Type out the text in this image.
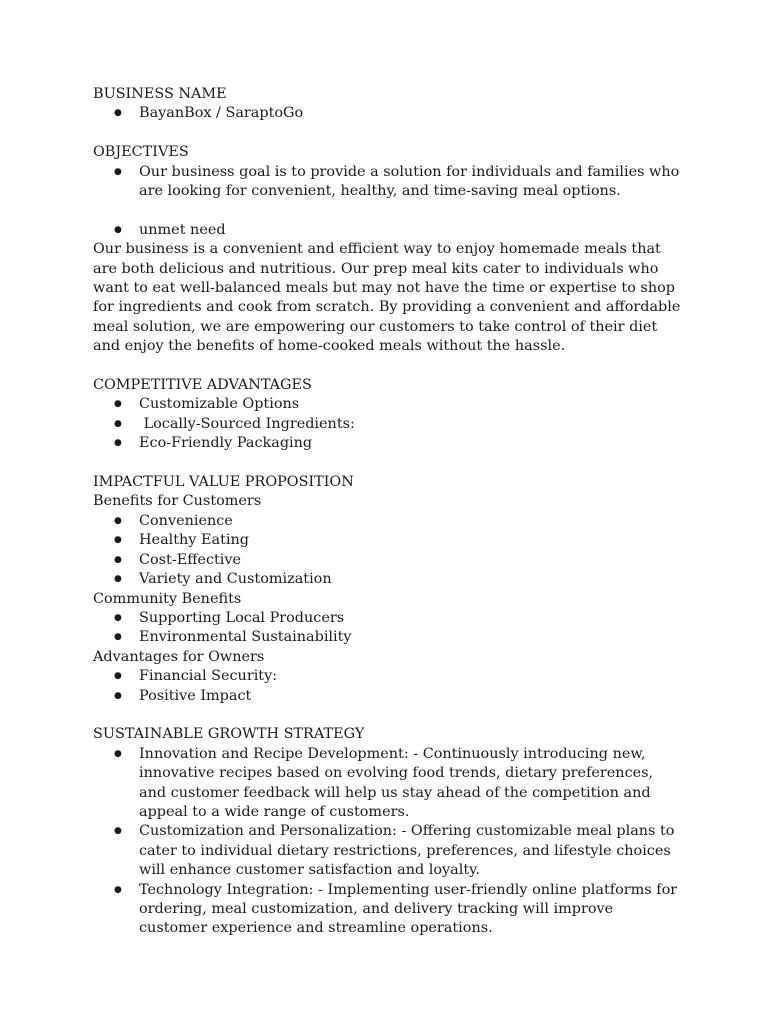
BUSINESS NAME

● BayanBox / SaraptoGo

OBJECTIVES

● Our business goal is to provide a solution for individuals and families who are looking for convenient, healthy, and time-saving meal options.
● unmet need

Our business is a convenient and efficient way to enjoy homemade meals that are both delicious and nutritious. Our prep meal kits cater to individuals who want to eat well-balanced meals but may not have the time or expertise to shop for ingredients and cook from scratch. By providing a convenient and affordable meal solution, we are empowering our customers to take control of their diet and enjoy the benefits of home-cooked meals without the hassle.

COMPETITIVE ADVANTAGES

● Customizable Options
●  Locally-Sourced Ingredients:
● Eco-Friendly Packaging

IMPACTFUL VALUE PROPOSITION

Benefits for Customers

● Convenience
● Healthy Eating
● Cost-Effective
● Variety and Customization

Community Benefits

● Supporting Local Producers
● Environmental Sustainability

Advantages for Owners

● Financial Security:
● Positive Impact

SUSTAINABLE GROWTH STRATEGY

● Innovation and Recipe Development: - Continuously introducing new, innovative recipes based on evolving food trends, dietary preferences, and customer feedback will help us stay ahead of the competition and appeal to a wide range of customers.
● Customization and Personalization: - Offering customizable meal plans to cater to individual dietary restrictions, preferences, and lifestyle choices will enhance customer satisfaction and loyalty.
● Technology Integration: - Implementing user-friendly online platforms for ordering, meal customization, and delivery tracking will improve customer experience and streamline operations.
